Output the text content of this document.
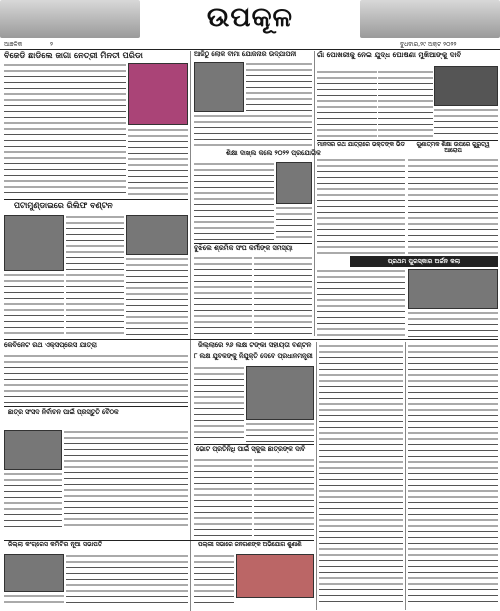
ଉପକୂଳ
ଆଞ୍ଚଳିକ	୨	ବୁଧବାର,୨୯ ଅକ୍ଟ ୨୦୨୨
ବିଜେଡି ଛାଡିଲେ ଜାଗା ନେତ୍ରୀ ମିନତୀ ପରିଡା	ଆଜିଠୁ ଲୋକ ବୀମା ଯୋଜନାର ଉଦ୍‌ଯାପନୀ	ଗାଁ ପୋଖରୀକୁ ନେଇ ଯୁଦ୍ଧ ଘୋଷଣା ମୁଖିଆଙ୍କୁ ଦାବି
ଶିକ୍ଷା ଦାଖ୍ଲ କଲେ ୨୦୨୨ ପ୍ରଯୋଗିକ
ପଟାମୁଣ୍ଡାଇରେ ରିଲିଫ ବଣ୍ଟନ
ବୁଝିଲେ ଶ୍ରମିକ ସଂଘ କର୍ମୀଙ୍କ ସମସ୍ୟା
ମାନସର ରଥ ଯାତ୍ରାରେ ଭକ୍ତଙ୍କ ଭିଡ	ଗୁଣାତ୍ମକ ଶିକ୍ଷା ଉପରେ ଗୁରୁତ୍ୱ ଆରୋପ
ପ୍ରଥମ ପୁରସ୍କାର ଅର୍ଜନ କଲା
କେବିନେଟ ରଥ ଏକ୍ସପ୍ରେସ ଯାତ୍ରା	ଜିଲ୍ଲାରେ ୨୬ ଲକ୍ଷ ଟଙ୍କା ସହାୟତା ବଣ୍ଟନ
୮ ଲକ୍ଷ ଯୁବକଙ୍କୁ ନିଯୁକ୍ତି ଦେବେ ପ୍ରଧାନମନ୍ତ୍ରୀ
ଛାତ୍ର ସଂସଦ ନିର୍ବାଚନ ପାଇଁ ପ୍ରସ୍ତୁତି ବୈଠକ
ଭୋଟ ପ୍ରତିନିଧି ପାଇଁ ସ୍କୁଲ ଛାତ୍ରଙ୍କ ଦାବି
ଜିଲ୍ଲା କଂଗ୍ରେସ କମିଟିର ନୂଆ ସଭାପତି	ପଲ୍ଲୀ ସଭାରେ ଜନଗଣଙ୍କ ଅଭିଯୋଗ ଶୁଣାଣି
